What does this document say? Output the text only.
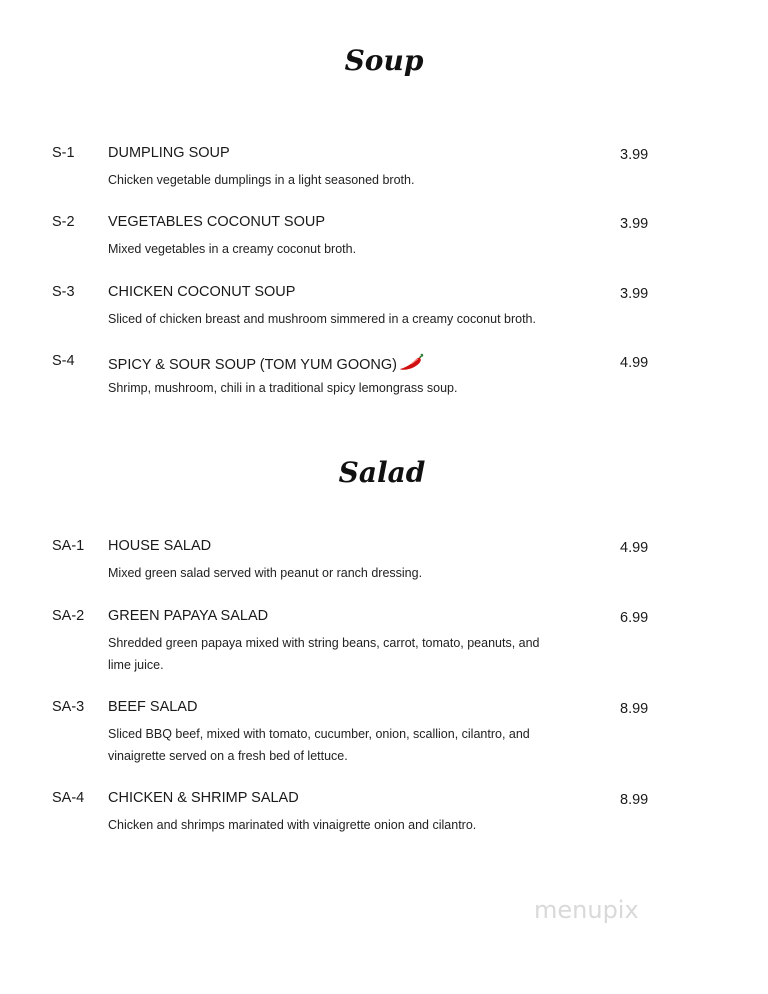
Soup
S-1 DUMPLING SOUP	3.99
Chicken vegetable dumplings in a light seasoned broth.
S-2 VEGETABLES COCONUT SOUP	3.99
Mixed vegetables in a creamy coconut broth.
S-3 CHICKEN COCONUT SOUP	3.99
Sliced of chicken breast and mushroom simmered in a creamy coconut broth.
S-4 SPICY & SOUR SOUP (TOM YUM GOONG)	4.99
Shrimp, mushroom, chili in a traditional spicy lemongrass soup.
Salad
SA-1 HOUSE SALAD	4.99
Mixed green salad served with peanut or ranch dressing.
SA-2 GREEN PAPAYA SALAD	6.99
Shredded green papaya mixed with string beans, carrot, tomato, peanuts, and lime juice.
SA-3 BEEF SALAD	8.99
Sliced BBQ beef, mixed with tomato, cucumber, onion, scallion, cilantro, and vinaigrette served on a fresh bed of lettuce.
SA-4 CHICKEN & SHRIMP SALAD	8.99
Chicken and shrimps marinated with vinaigrette onion and cilantro.
menupix
